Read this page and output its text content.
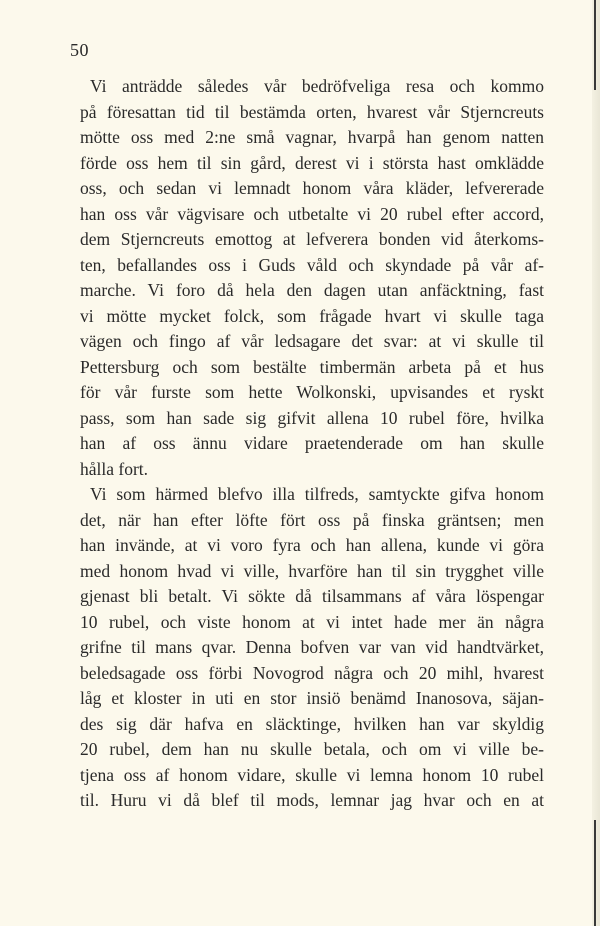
50
Vi anträdde således vår bedröfveliga resa och kommo
på föresattan tid til bestämda orten, hvarest vår Stjerncreuts
mötte oss med 2:ne små vagnar, hvarpå han genom natten
förde oss hem til sin gård, derest vi i största hast omklädde
oss, och sedan vi lemnadt honom våra kläder, lefvererade
han oss vår vägvisare och utbetalte vi 20 rubel efter accord,
dem Stjerncreuts emottog at lefverera bonden vid återkoms-
ten, befallandes oss i Guds våld och skyndade på vår af-
marche. Vi foro då hela den dagen utan anfäcktning, fast
vi mötte mycket folck, som frågade hvart vi skulle taga
vägen och fingo af vår ledsagare det svar: at vi skulle til
Pettersburg och som bestälte timbermän arbeta på et hus
för vår furste som hette Wolkonski, upvisandes et ryskt
pass, som han sade sig gifvit allena 10 rubel före, hvilka
han af oss ännu vidare praetenderade om han skulle
hålla fort.
Vi som härmed blefvo illa tilfreds, samtyckte gifva honom
det, när han efter löfte fört oss på finska gräntsen; men
han invände, at vi voro fyra och han allena, kunde vi göra
med honom hvad vi ville, hvarföre han til sin trygghet ville
gjenast bli betalt. Vi sökte då tilsammans af våra löspengar
10 rubel, och viste honom at vi intet hade mer än några
grifne til mans qvar. Denna bofven var van vid handtvärket,
beledsagade oss förbi Novogrod några och 20 mihl, hvarest
låg et kloster in uti en stor insiö benämd Inanosova, säjan-
des sig där hafva en släcktinge, hvilken han var skyldig
20 rubel, dem han nu skulle betala, och om vi ville be-
tjena oss af honom vidare, skulle vi lemna honom 10 rubel
til. Huru vi då blef til mods, lemnar jag hvar och en at
